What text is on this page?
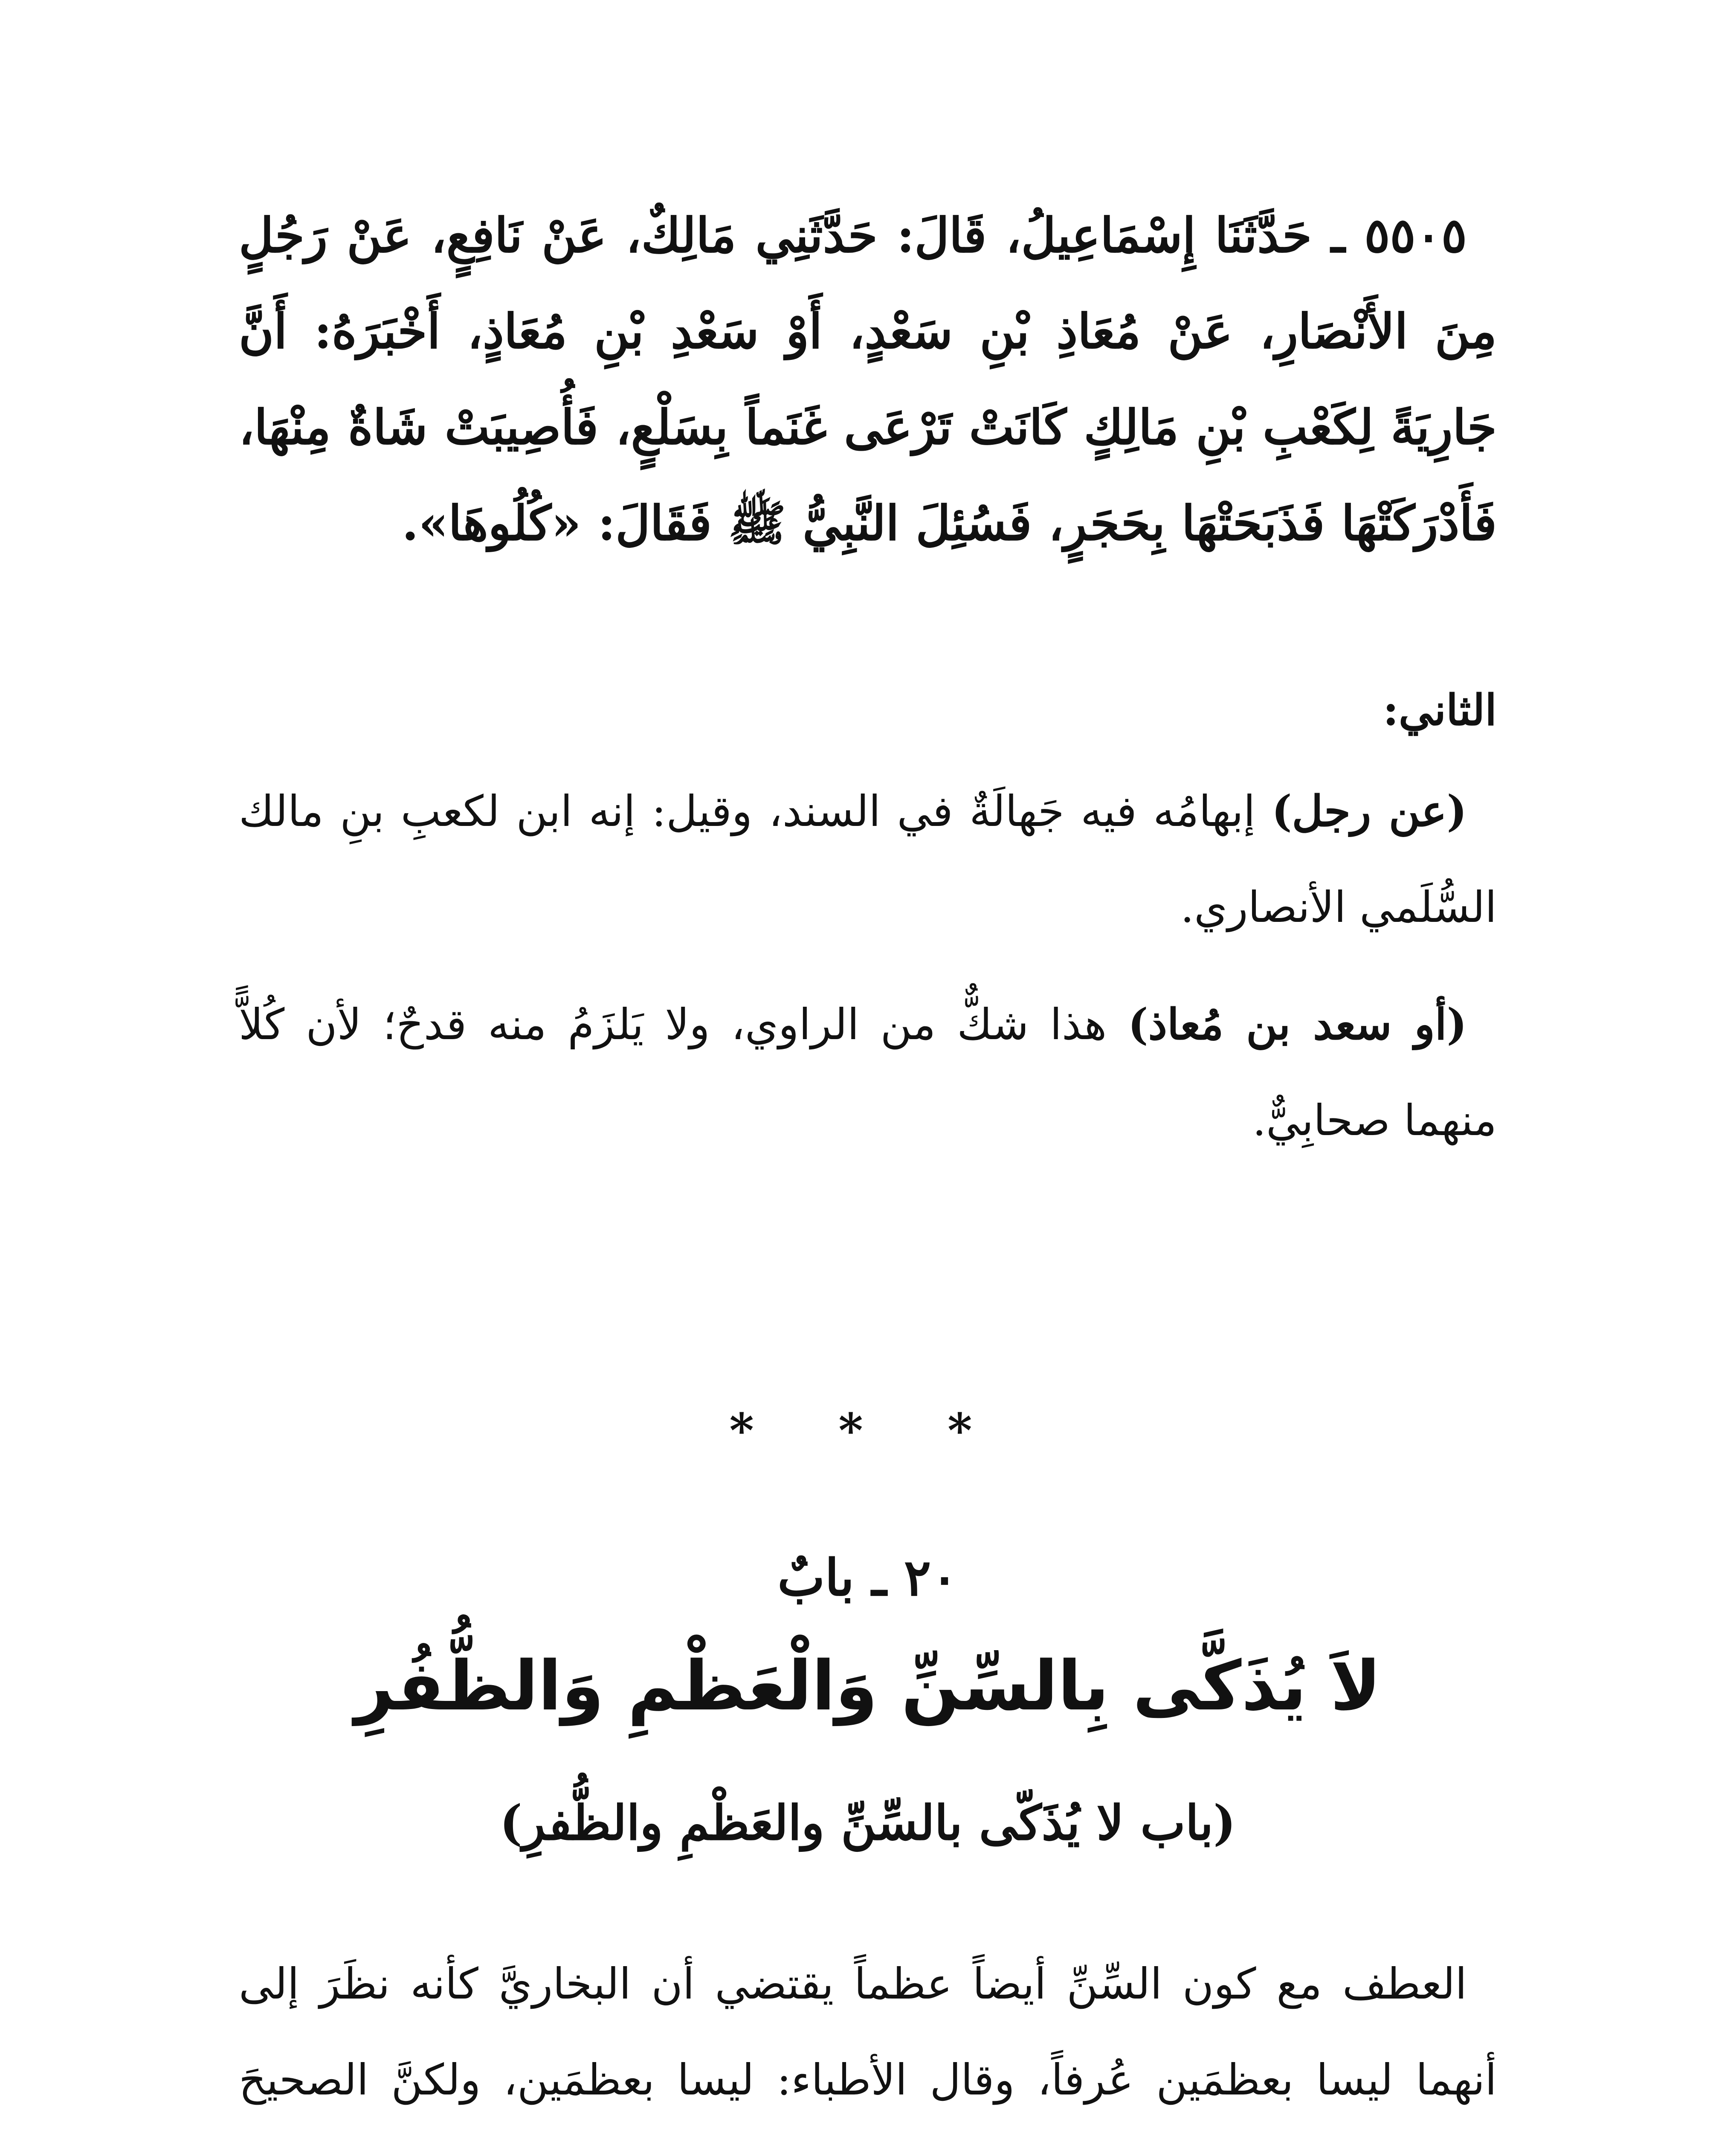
٥٥٠٥ ـ حَدَّثَنَا إِسْمَاعِيلُ، قَالَ: حَدَّثَنِي مَالِكٌ، عَنْ نَافِعٍ، عَنْ رَجُلٍ مِنَ الأَنْصَارِ، عَنْ مُعَاذِ بْنِ سَعْدٍ، أَوْ سَعْدِ بْنِ مُعَاذٍ، أَخْبَرَهُ: أَنَّ جَارِيَةً لِكَعْبِ بْنِ مَالِكٍ كَانَتْ تَرْعَى غَنَماً بِسَلْعٍ، فَأُصِيبَتْ شَاةٌ مِنْهَا، فَأَدْرَكَتْهَا فَذَبَحَتْهَا بِحَجَرٍ، فَسُئِلَ النَّبِيُّ ﷺ فَقَالَ: «كُلُوهَا».

الثاني:

(عن رجل) إبهامُه فيه جَهالَةٌ في السند، وقيل: إنه ابن لكعبِ بنِ مالك السُّلَمي الأنصاري.

(أو سعد بن مُعاذ) هذا شكٌّ من الراوي، ولا يَلزَمُ منه قدحٌ؛ لأن كُلاًّ منهما صحابِيٌّ.

* * *

٢٠ ـ بابٌ

لاَ يُذَكَّى بِالسِّنِّ وَالْعَظْمِ وَالظُّفُرِ

(باب لا يُذَكّى بالسِّنِّ والعَظْمِ والظُّفرِ)

العطف مع كون السِّنِّ أيضاً عظماً يقتضي أن البخاريَّ كأنه نظَرَ إلى أنهما ليسا بعظمَين عُرفاً، وقال الأطباء: ليسا بعظمَين، ولكنَّ الصحيحَ
